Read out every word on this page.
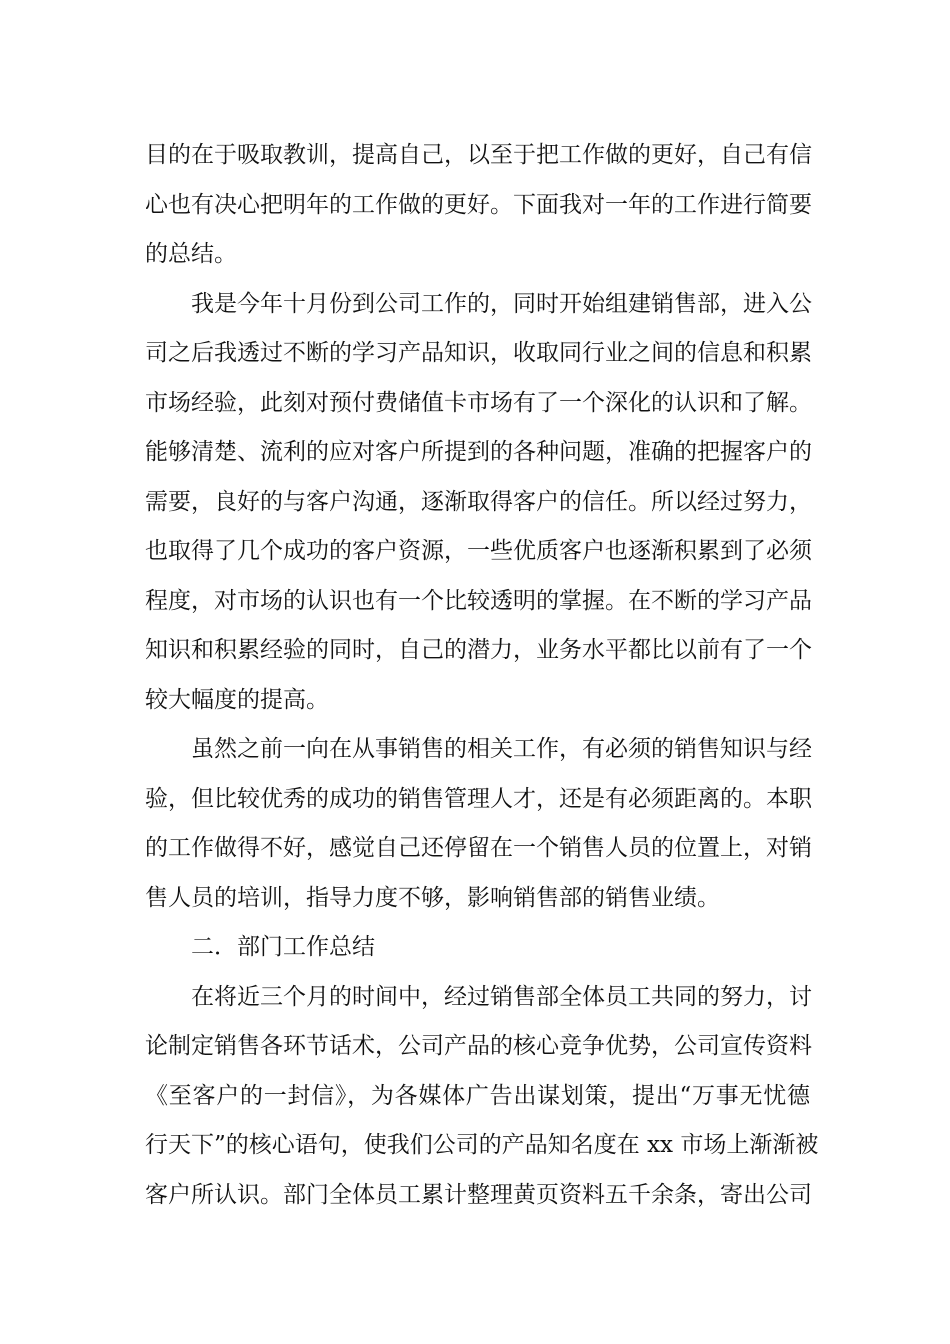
目的在于吸取教训，提高自己，以至于把工作做的更好，自己有信
心也有决心把明年的工作做的更好。下面我对一年的工作进行简要
的总结。
我是今年十月份到公司工作的，同时开始组建销售部，进入公
司之后我透过不断的学习产品知识，收取同行业之间的信息和积累
市场经验，此刻对预付费储值卡市场有了一个深化的认识和了解。
能够清楚、流利的应对客户所提到的各种问题，准确的把握客户的
需要，良好的与客户沟通，逐渐取得客户的信任。所以经过努力，
也取得了几个成功的客户资源，一些优质客户也逐渐积累到了必须
程度，对市场的认识也有一个比较透明的掌握。在不断的学习产品
知识和积累经验的同时，自己的潜力，业务水平都比以前有了一个
较大幅度的提高。
虽然之前一向在从事销售的相关工作，有必须的销售知识与经
验，但比较优秀的成功的销售管理人才，还是有必须距离的。本职
的工作做得不好，感觉自己还停留在一个销售人员的位置上，对销
售人员的培训，指导力度不够，影响销售部的销售业绩。
二．部门工作总结
在将近三个月的时间中，经过销售部全体员工共同的努力，讨
论制定销售各环节话术，公司产品的核心竞争优势，公司宣传资料
《至客户的一封信》，为各媒体广告出谋划策，提出“万事无忧德
行天下”的核心语句，使我们公司的产品知名度在 xx 市场上渐渐被
客户所认识。部门全体员工累计整理黄页资料五千余条，寄出公司
